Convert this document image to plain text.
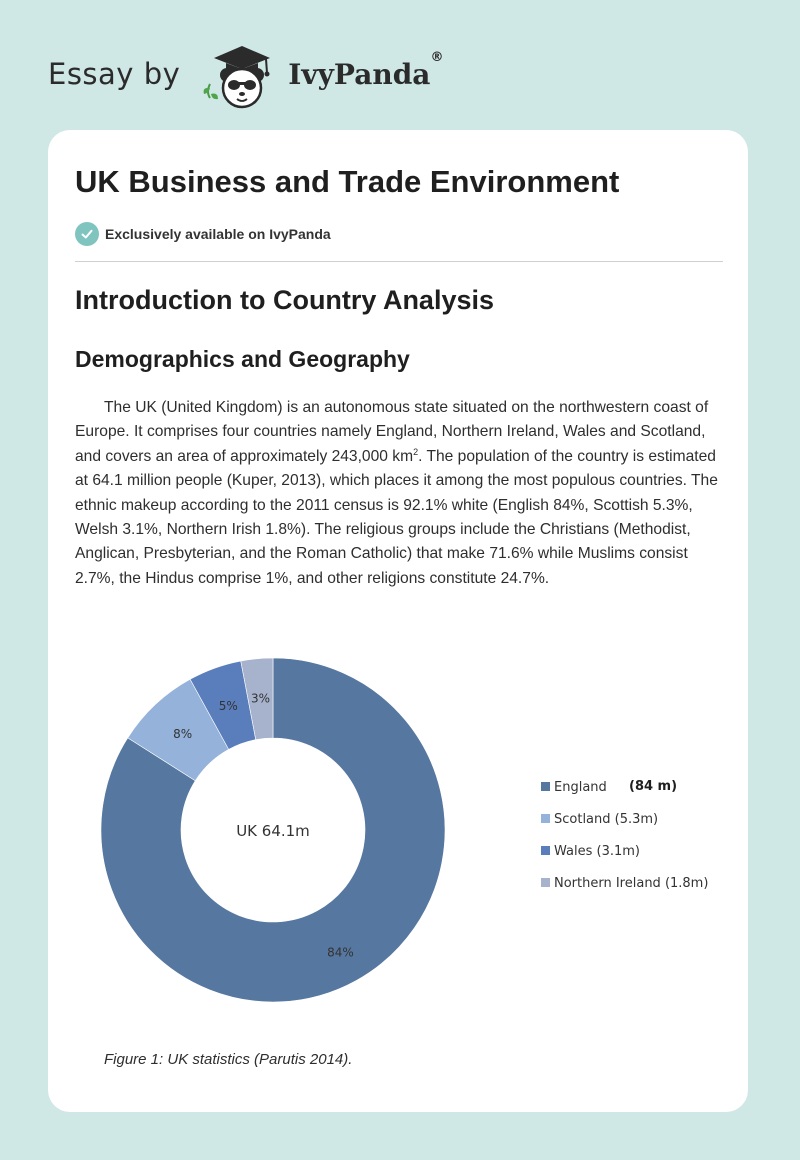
Essay by	IvyPanda®
UK Business and Trade Environment
Exclusively available on IvyPanda
Introduction to Country Analysis
Demographics and Geography

The UK (United Kingdom) is an autonomous state situated on the northwestern coast of Europe. It comprises four countries namely England, Northern Ireland, Wales and Scotland, and covers an area of approximately 243,000 $km^2$. The population of the country is estimated at 64.1 million people (Kuper, 2013), which places it among the most populous countries. The ethnic makeup according to the 2011 census is 92.1% white (English 84%, Scottish 5.3%, Welsh 3.1%, Northern Irish 1.8%). The religious groups include the Christians (Methodist, Anglican, Presbyterian, and the Roman Catholic) that make 71.6% while Muslims consist 2.7%, the Hindus comprise 1%, and other religions constitute 24.7%.

84%
8%
5%
3%
UK 64.1m
England (84 m)
Scotland (5.3m)
Wales (3.1m)
Northern Ireland (1.8m)

Figure 1: UK statistics (Parutis 2014).
